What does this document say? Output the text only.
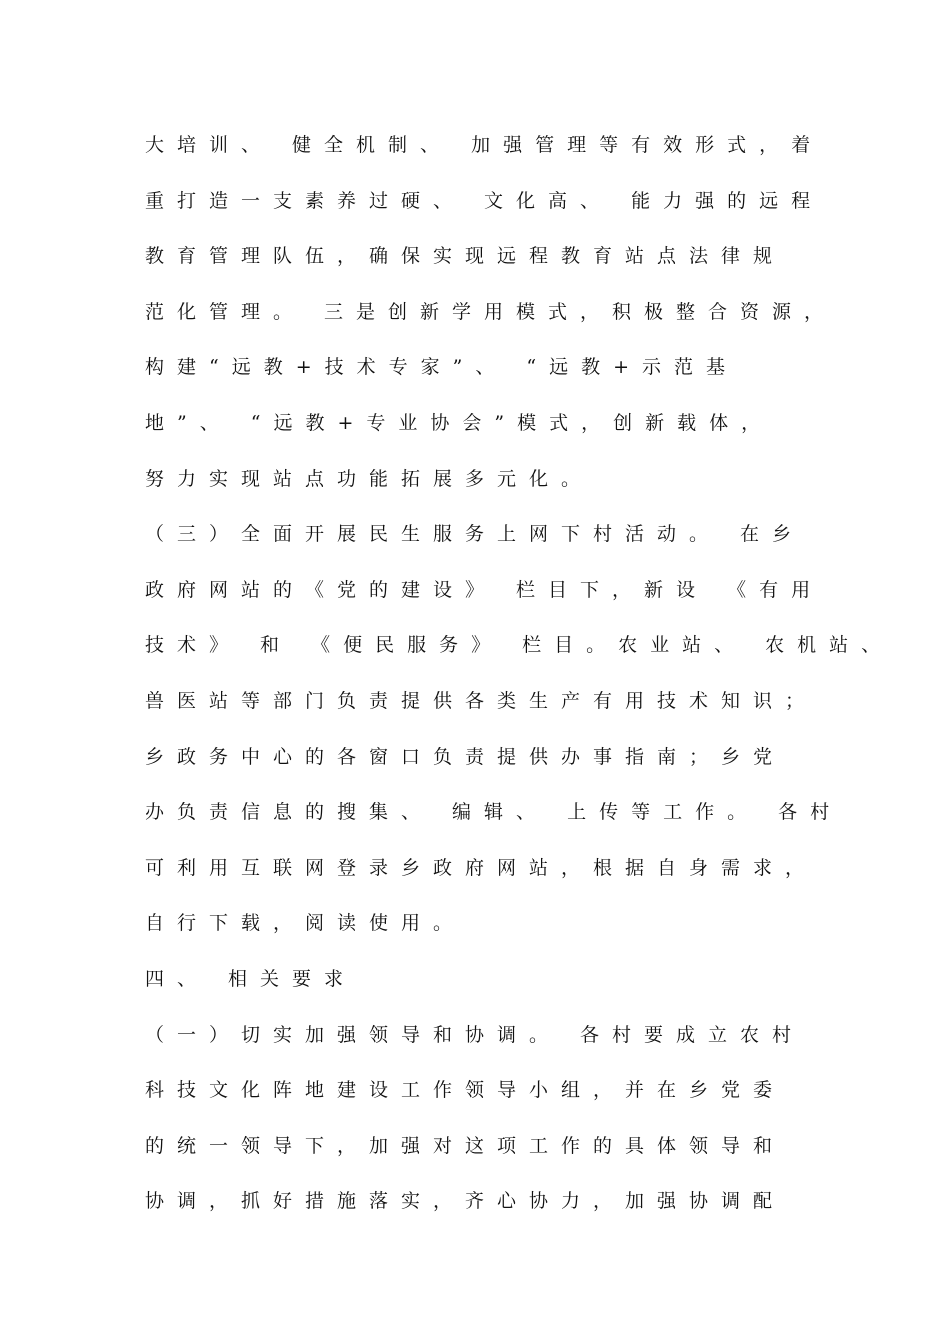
大培训、 健全机制、 加强管理等有效形式，着
重打造一支素养过硬、 文化高、 能力强的远程
教育管理队伍，确保实现远程教育站点法律规
范化管理。 三是创新学用模式，积极整合资源，
构建“远教+技术专家”、 “远教+示范基
地”、 “远教+专业协会”模式，创新载体，
努力实现站点功能拓展多元化。
（三）全面开展民生服务上网下村活动。 在乡
政府网站的《党的建设》 栏目下，新设 《有用
技术》 和 《便民服务》 栏目。农业站、 农机站、
兽医站等部门负责提供各类生产有用技术知识；
乡政务中心的各窗口负责提供办事指南；乡党
办负责信息的搜集、 编辑、 上传等工作。 各村
可利用互联网登录乡政府网站，根据自身需求，
自行下载，阅读使用。
四、 相关要求
（一）切实加强领导和协调。 各村要成立农村
科技文化阵地建设工作领导小组，并在乡党委
的统一领导下，加强对这项工作的具体领导和
协调，抓好措施落实，齐心协力，加强协调配
